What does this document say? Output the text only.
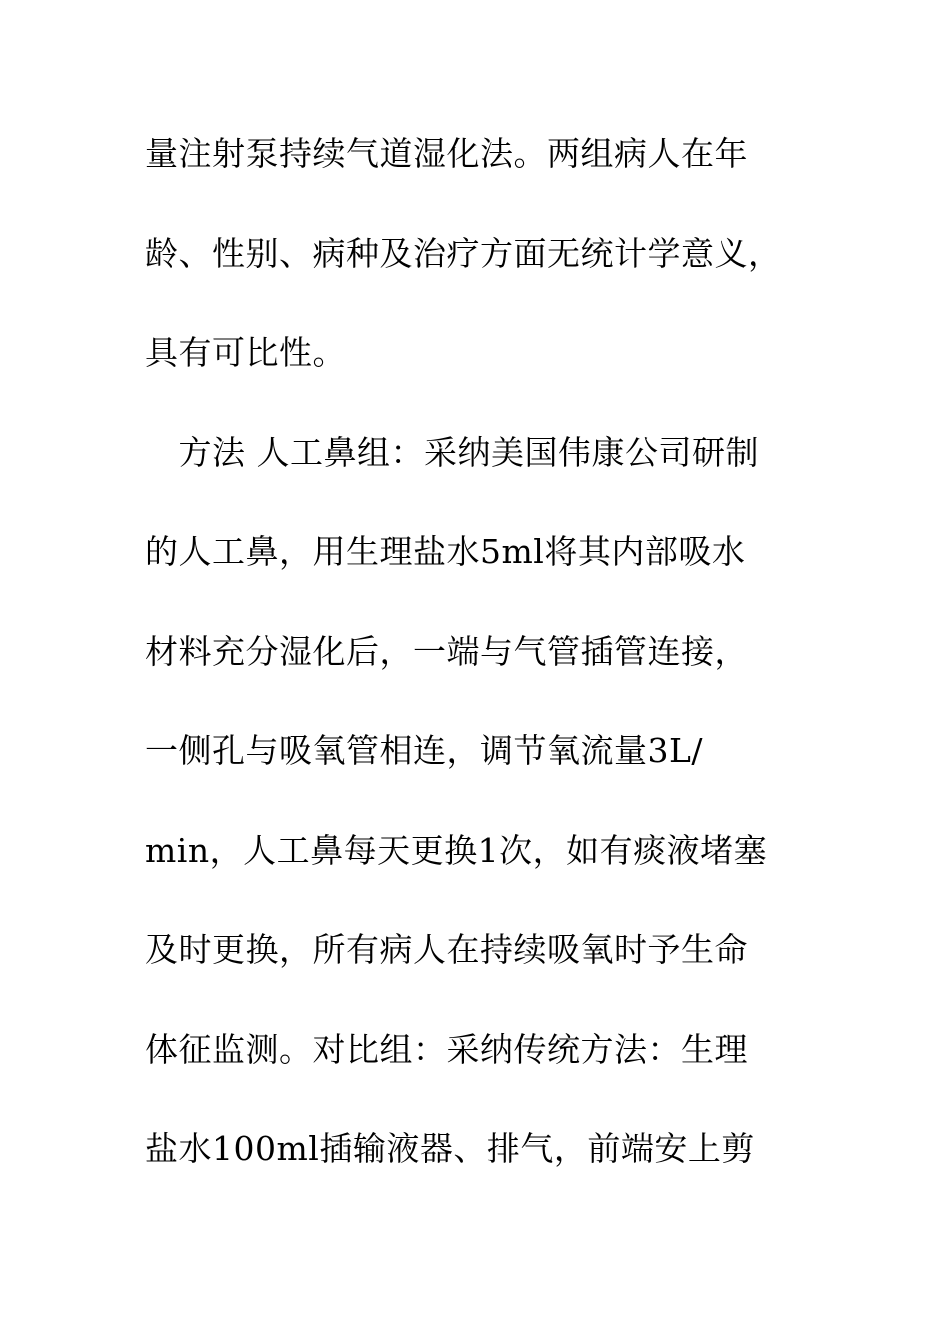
量注射泵持续气道湿化法。两组病人在年
龄、性别、病种及治疗方面无统计学意义，
具有可比性。
　方法 人工鼻组：采纳美国伟康公司研制
的人工鼻，用生理盐水5ml将其内部吸水
材料充分湿化后，一端与气管插管连接，
一侧孔与吸氧管相连，调节氧流量3L/
min，人工鼻每天更换1次，如有痰液堵塞
及时更换，所有病人在持续吸氧时予生命
体征监测。对比组：采纳传统方法：生理
盐水100ml插输液器、排气，前端安上剪
